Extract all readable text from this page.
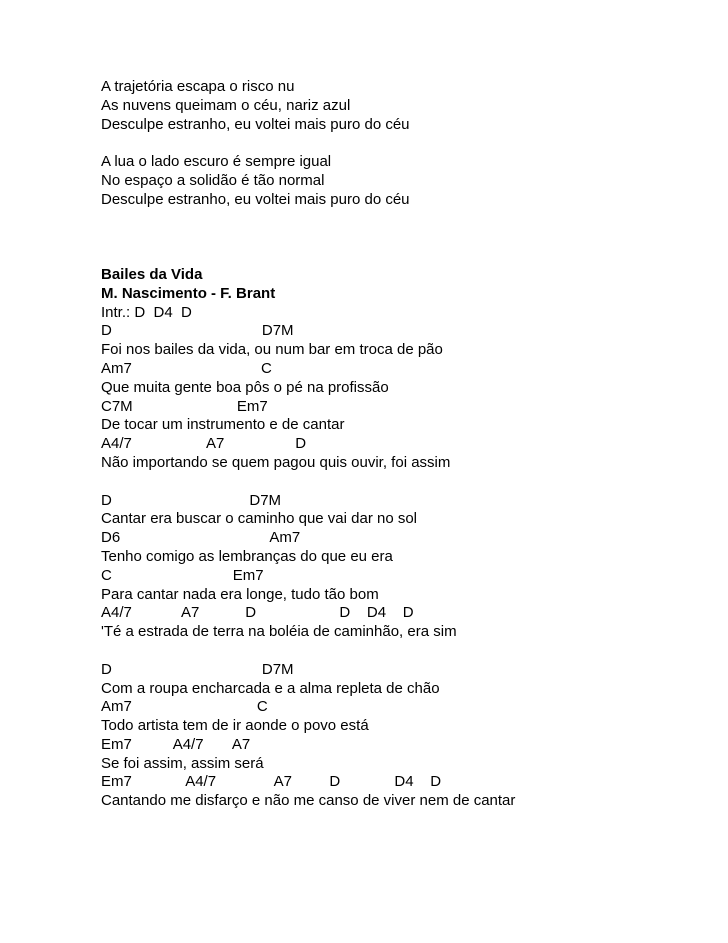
A trajetória escapa o risco nu
As nuvens queimam o céu, nariz azul
Desculpe estranho, eu voltei mais puro do céu
A lua o lado escuro é sempre igual
No espaço a solidão é tão normal
Desculpe estranho, eu voltei mais puro do céu
Bailes da Vida
M. Nascimento - F. Brant
Intr.: D  D4  D
D                                    D7M
Foi nos bailes da vida, ou num bar em troca de pão
Am7                               C
Que muita gente boa pôs o pé na profissão
C7M                         Em7
De tocar um instrumento e de cantar
A4/7                  A7                 D
Não importando se quem pagou quis ouvir, foi assim
D                                 D7M
Cantar era buscar o caminho que vai dar no sol
D6                                    Am7
Tenho comigo as lembranças do que eu era
C                             Em7
Para cantar nada era longe, tudo tão bom
A4/7            A7           D                    D    D4    D
'Té a estrada de terra na boléia de caminhão, era sim
D                                    D7M
Com a roupa encharcada e a alma repleta de chão
Am7                              C
Todo artista tem de ir aonde o povo está
Em7          A4/7       A7
Se foi assim, assim será
Em7             A4/7              A7         D             D4    D
Cantando me disfarço e não me canso de viver nem de cantar
